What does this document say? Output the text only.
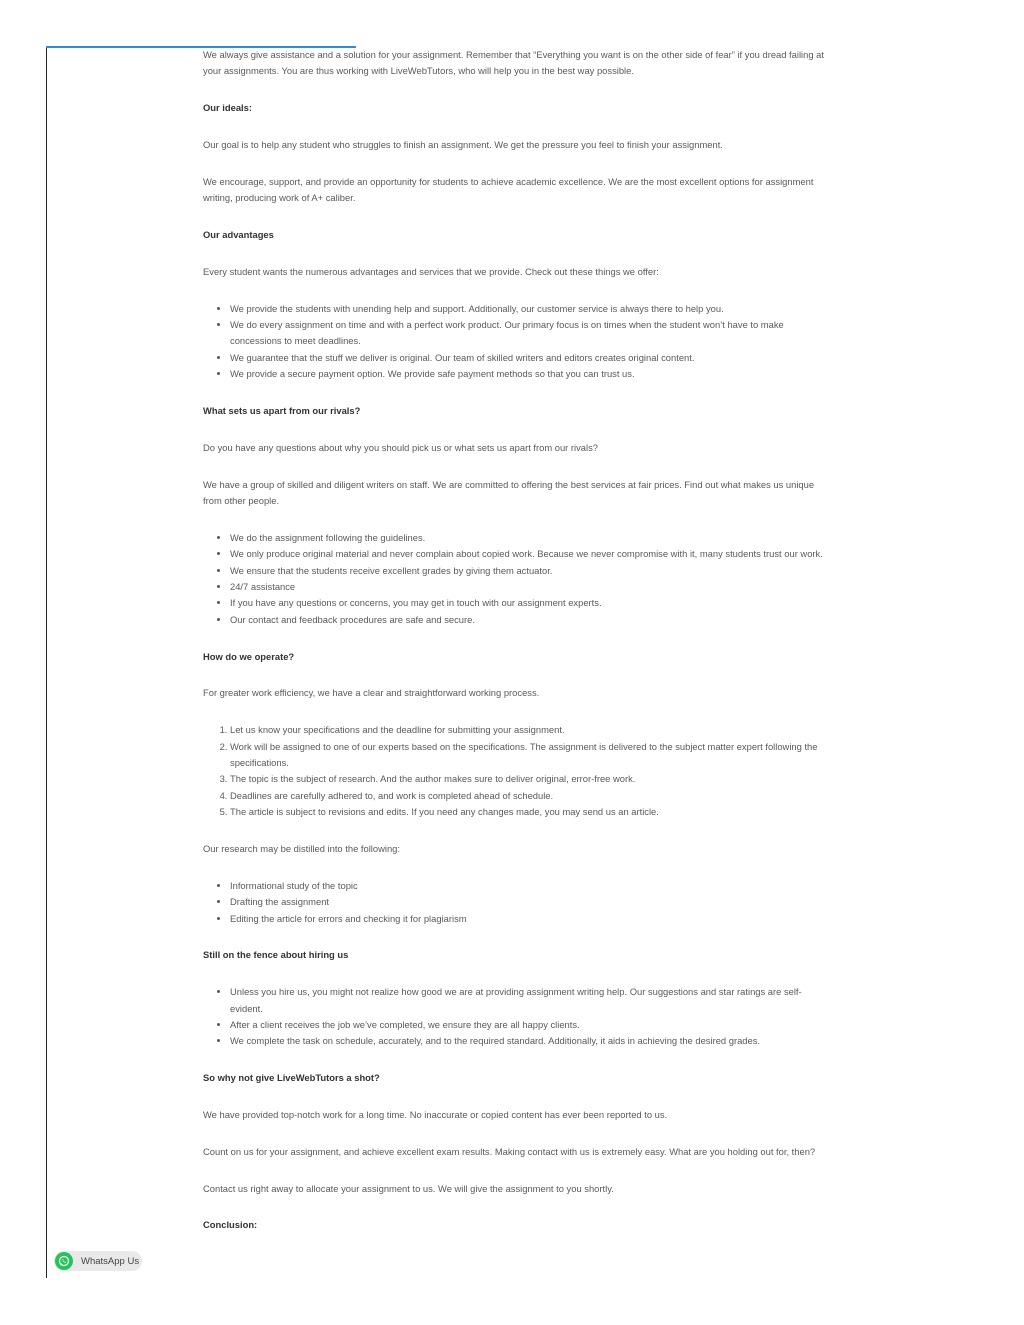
We always give assistance and a solution for your assignment. Remember that “Everything you want is on the other side of fear” if you dread failing at your assignments. You are thus working with LiveWebTutors, who will help you in the best way possible.

Our ideals:

Our goal is to help any student who struggles to finish an assignment. We get the pressure you feel to finish your assignment.

We encourage, support, and provide an opportunity for students to achieve academic excellence. We are the most excellent options for assignment writing, producing work of A+ caliber.

Our advantages

Every student wants the numerous advantages and services that we provide. Check out these things we offer:

• We provide the students with unending help and support. Additionally, our customer service is always there to help you.
• We do every assignment on time and with a perfect work product. Our primary focus is on times when the student won’t have to make concessions to meet deadlines.
• We guarantee that the stuff we deliver is original. Our team of skilled writers and editors creates original content.
• We provide a secure payment option. We provide safe payment methods so that you can trust us.
What sets us apart from our rivals?

Do you have any questions about why you should pick us or what sets us apart from our rivals?

We have a group of skilled and diligent writers on staff. We are committed to offering the best services at fair prices. Find out what makes us unique from other people.

• We do the assignment following the guidelines.
• We only produce original material and never complain about copied work. Because we never compromise with it, many students trust our work.
• We ensure that the students receive excellent grades by giving them actuator.
• 24/7 assistance
• If you have any questions or concerns, you may get in touch with our assignment experts.
• Our contact and feedback procedures are safe and secure.
How do we operate?

For greater work efficiency, we have a clear and straightforward working process.

1. Let us know your specifications and the deadline for submitting your assignment.
2. Work will be assigned to one of our experts based on the specifications. The assignment is delivered to the subject matter expert following the specifications.
3. The topic is the subject of research. And the author makes sure to deliver original, error-free work.
4. Deadlines are carefully adhered to, and work is completed ahead of schedule.
5. The article is subject to revisions and edits. If you need any changes made, you may send us an article.

Our research may be distilled into the following:

• Informational study of the topic
• Drafting the assignment
• Editing the article for errors and checking it for plagiarism
Still on the fence about hiring us
• Unless you hire us, you might not realize how good we are at providing assignment writing help. Our suggestions and star ratings are self-evident.
• After a client receives the job we’ve completed, we ensure they are all happy clients.
• We complete the task on schedule, accurately, and to the required standard. Additionally, it aids in achieving the desired grades.
So why not give LiveWebTutors a shot?

We have provided top-notch work for a long time. No inaccurate or copied content has ever been reported to us.

Count on us for your assignment, and achieve excellent exam results. Making contact with us is extremely easy. What are you holding out for, then?

Contact us right away to allocate your assignment to us. We will give the assignment to you shortly.

Conclusion:
WhatsApp Us
